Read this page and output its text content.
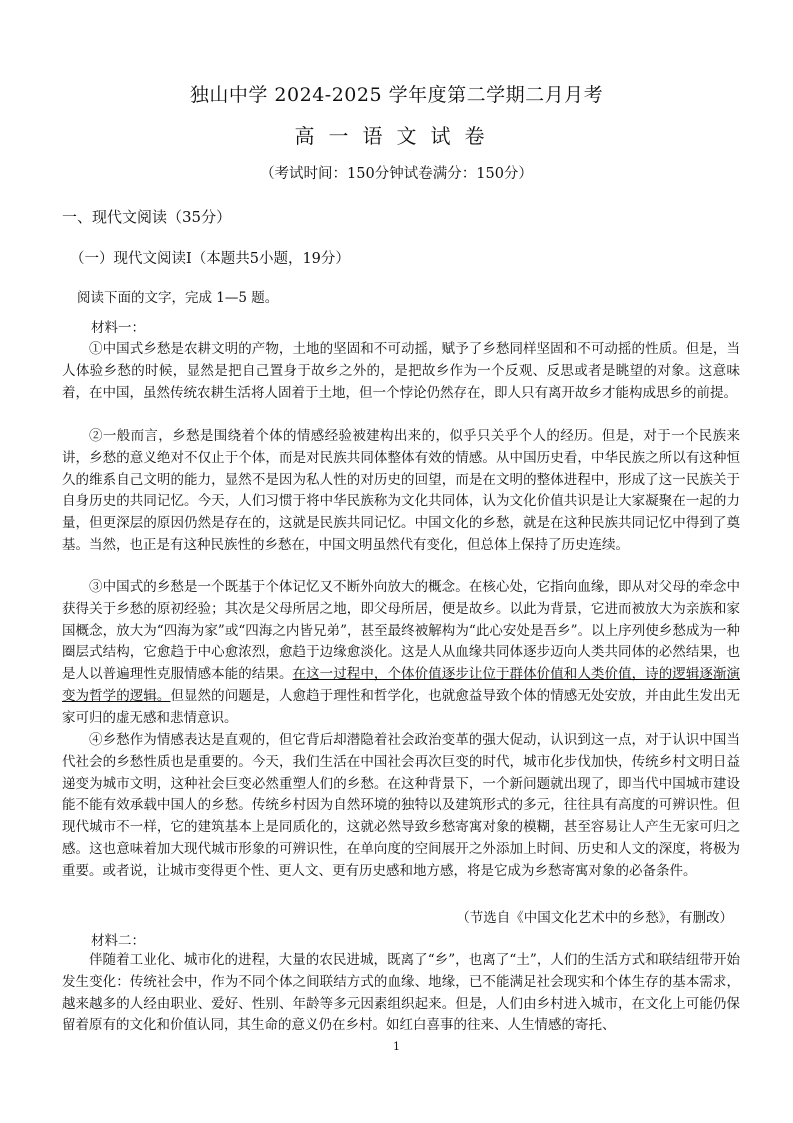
独山中学 2024-2025 学年度第二学期二月月考
高一语文试卷
（考试时间：150分钟试卷满分：150分）
一、现代文阅读（35分）
（一）现代文阅读Ⅰ（本题共5小题，19分）
阅读下面的文字，完成 1—5 题。
材料一：
①中国式乡愁是农耕文明的产物，土地的坚固和不可动摇，赋予了乡愁同样坚固和不可动摇的性质。但是，当人体验乡愁的时候，显然是把自己置身于故乡之外的，是把故乡作为一个反观、反思或者是眺望的对象。这意味着，在中国，虽然传统农耕生活将人固着于土地，但一个悖论仍然存在，即人只有离开故乡才能构成思乡的前提。
②一般而言，乡愁是围绕着个体的情感经验被建构出来的，似乎只关乎个人的经历。但是，对于一个民族来讲，乡愁的意义绝对不仅止于个体，而是对民族共同体整体有效的情感。从中国历史看，中华民族之所以有这种恒久的维系自己文明的能力，显然不是因为私人性的对历史的回望，而是在文明的整体进程中，形成了这一民族关于自身历史的共同记忆。今天，人们习惯于将中华民族称为文化共同体，认为文化价值共识是让大家凝聚在一起的力量，但更深层的原因仍然是存在的，这就是民族共同记忆。中国文化的乡愁，就是在这种民族共同记忆中得到了奠基。当然，也正是有这种民族性的乡愁在，中国文明虽然代有变化，但总体上保持了历史连续。
③中国式的乡愁是一个既基于个体记忆又不断外向放大的概念。在核心处，它指向血缘，即从对父母的牵念中获得关于乡愁的原初经验；其次是父母所居之地，即父母所居，便是故乡。以此为背景，它进而被放大为亲族和家国概念，放大为“四海为家”或“四海之内皆兄弟”，甚至最终被解构为“此心安处是吾乡”。以上序列使乡愁成为一种圈层式结构，它愈趋于中心愈浓烈，愈趋于边缘愈淡化。这是人从血缘共同体逐步迈向人类共同体的必然结果，也是人以普遍理性克服情感本能的结果。在这一过程中，个体价值逐步让位于群体价值和人类价值，诗的逻辑逐渐演变为哲学的逻辑。但显然的问题是，人愈趋于理性和哲学化，也就愈益导致个体的情感无处安放，并由此生发出无家可归的虚无感和悲情意识。
④乡愁作为情感表达是直观的，但它背后却潜隐着社会政治变革的强大促动，认识到这一点，对于认识中国当代社会的乡愁性质也是重要的。今天，我们生活在中国社会再次巨变的时代，城市化步伐加快，传统乡村文明日益递变为城市文明，这种社会巨变必然重塑人们的乡愁。在这种背景下，一个新问题就出现了，即当代中国城市建设能不能有效承载中国人的乡愁。传统乡村因为自然环境的独特以及建筑形式的多元，往往具有高度的可辨识性。但现代城市不一样，它的建筑基本上是同质化的，这就必然导致乡愁寄寓对象的模糊，甚至容易让人产生无家可归之感。这也意味着加大现代城市形象的可辨识性，在单向度的空间展开之外添加上时间、历史和人文的深度，将极为重要。或者说，让城市变得更个性、更人文、更有历史感和地方感，将是它成为乡愁寄寓对象的必备条件。
（节选自《中国文化艺术中的乡愁》，有删改）
材料二：
伴随着工业化、城市化的进程，大量的农民进城，既离了“乡”，也离了“土”，人们的生活方式和联结纽带开始发生变化：传统社会中，作为不同个体之间联结方式的血缘、地缘，已不能满足社会现实和个体生存的基本需求，越来越多的人经由职业、爱好、性别、年龄等多元因素组织起来。但是，人们由乡村进入城市，在文化上可能仍保留着原有的文化和价值认同，其生命的意义仍在乡村。如红白喜事的往来、人生情感的寄托、
1
